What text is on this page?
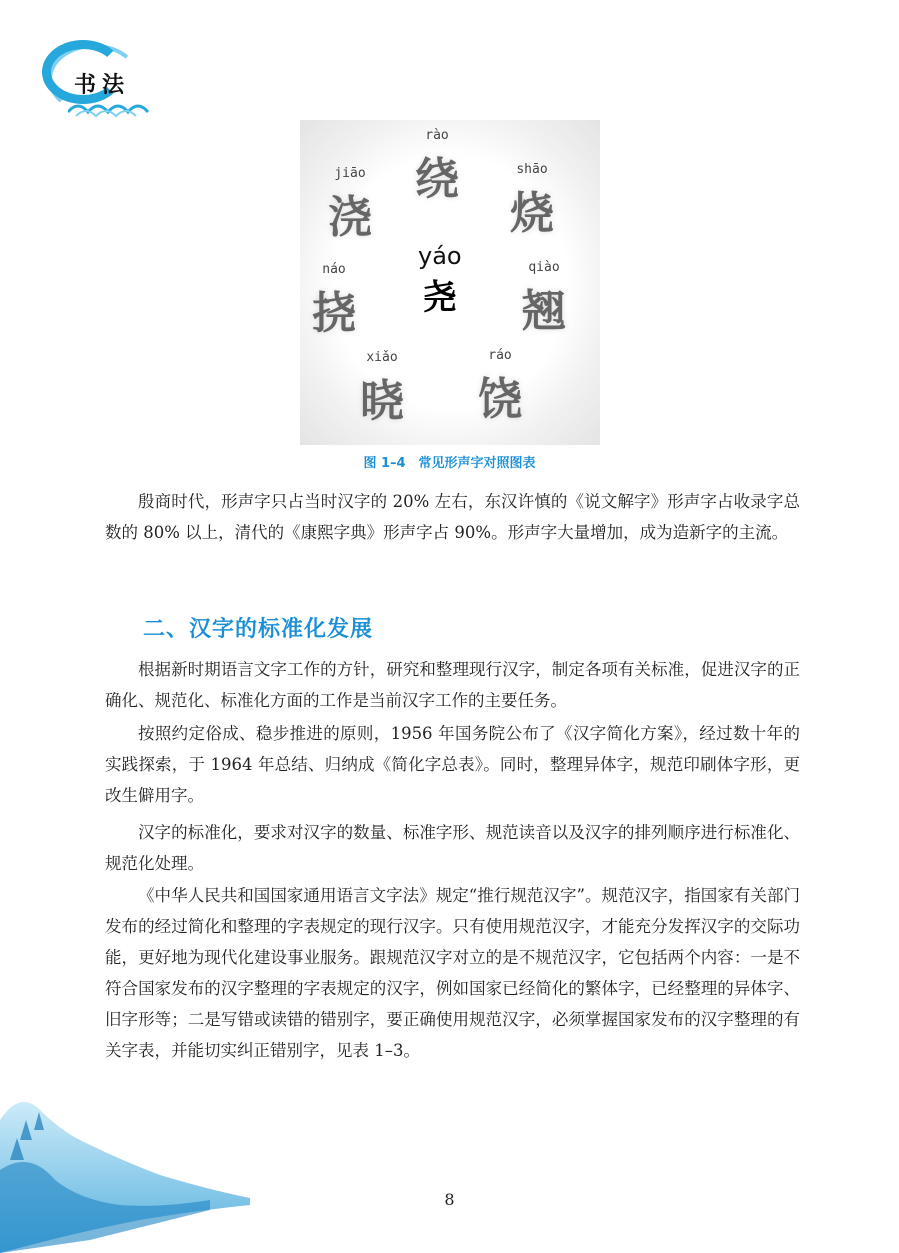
书法
rào
绕
jiāo
浇
shāo
烧
yáo
尧
náo
挠
qiào
翘
xiǎo
晓
ráo
饶
图 1–4　常见形声字对照图表
殷商时代，形声字只占当时汉字的 20% 左右，东汉许慎的《说文解字》形声字占收录字总数的 80% 以上，清代的《康熙字典》形声字占 90%。形声字大量增加，成为造新字的主流。
二、汉字的标准化发展
根据新时期语言文字工作的方针，研究和整理现行汉字，制定各项有关标准，促进汉字的正确化、规范化、标准化方面的工作是当前汉字工作的主要任务。
按照约定俗成、稳步推进的原则，1956 年国务院公布了《汉字简化方案》，经过数十年的实践探索，于 1964 年总结、归纳成《简化字总表》。同时，整理异体字，规范印刷体字形，更改生僻用字。
汉字的标准化，要求对汉字的数量、标准字形、规范读音以及汉字的排列顺序进行标准化、规范化处理。
《中华人民共和国国家通用语言文字法》规定“推行规范汉字”。规范汉字，指国家有关部门发布的经过简化和整理的字表规定的现行汉字。只有使用规范汉字，才能充分发挥汉字的交际功能，更好地为现代化建设事业服务。跟规范汉字对立的是不规范汉字，它包括两个内容：一是不符合国家发布的汉字整理的字表规定的汉字，例如国家已经简化的繁体字，已经整理的异体字、旧字形等；二是写错或读错的错别字，要正确使用规范汉字，必须掌握国家发布的汉字整理的有关字表，并能切实纠正错别字，见表 1–3。
8
